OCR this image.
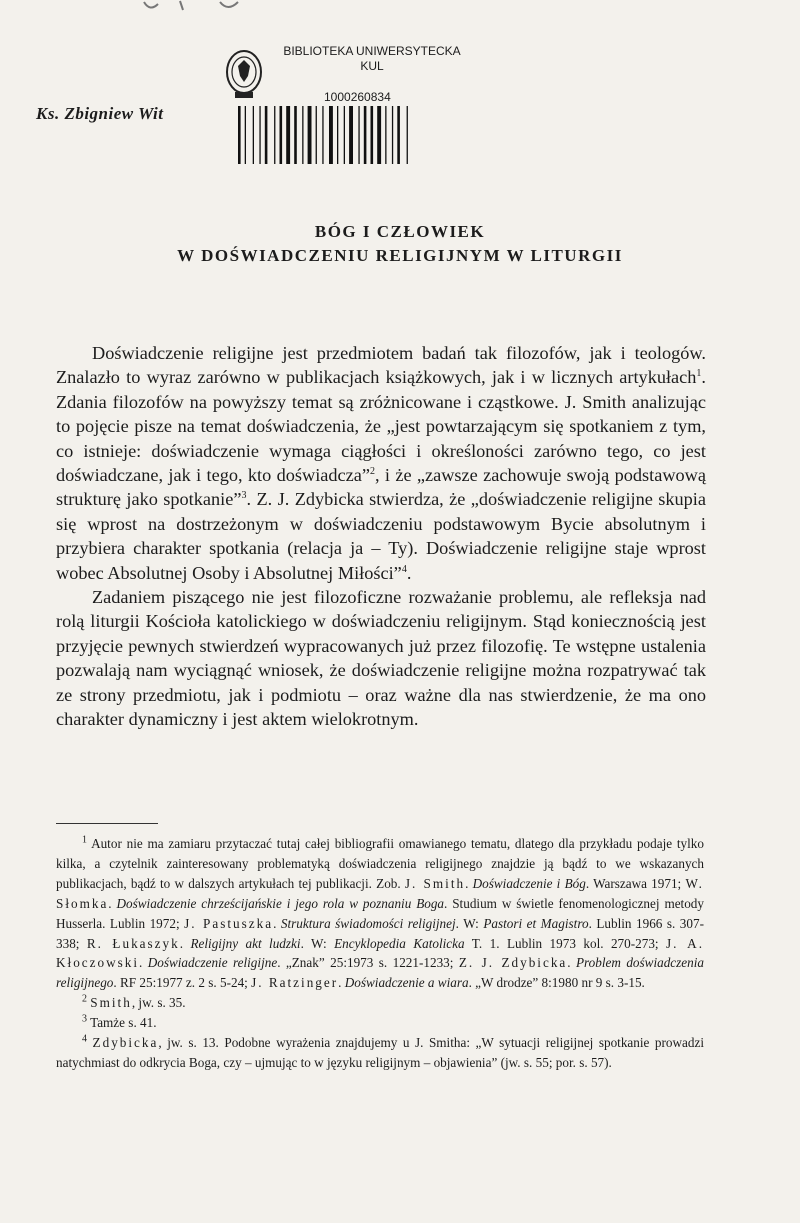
Ks. Zbigniew Wit
BIBLIOTEKA UNIWERSYTECKA
KUL
1000260834
BÓG I CZŁOWIEK
W DOŚWIADCZENIU RELIGIJNYM W LITURGII

Doświadczenie religijne jest przedmiotem badań tak filozofów, jak i teologów. Znalazło to wyraz zarówno w publikacjach książkowych, jak i w licznych artykułach$^1$. Zdania filozofów na powyższy temat są zróżnicowane i cząstkowe. J. Smith analizując to pojęcie pisze na temat doświadczenia, że „jest powtarzającym się spotkaniem z tym, co istnieje: doświadczenie wymaga ciągłości i określoności zarówno tego, co jest doświadczane, jak i tego, kto doświadcza”$^2$, i że „zawsze zachowuje swoją podstawową strukturę jako spotkanie”$^3$. Z. J. Zdybicka stwierdza, że „doświadczenie religijne skupia się wprost na dostrzeżonym w doświadczeniu podstawowym Bycie absolutnym i przybiera charakter spotkania (relacja ja – Ty). Doświadczenie religijne staje wprost wobec Absolutnej Osoby i Absolutnej Miłości”$^4$.

Zadaniem piszącego nie jest filozoficzne rozważanie problemu, ale refleksja nad rolą liturgii Kościoła katolickiego w doświadczeniu religijnym. Stąd koniecznością jest przyjęcie pewnych stwierdzeń wypracowanych już przez filozofię. Te wstępne ustalenia pozwalają nam wyciągnąć wniosek, że doświadczenie religijne można rozpatrywać tak ze strony przedmiotu, jak i podmiotu – oraz ważne dla nas stwierdzenie, że ma ono charakter dynamiczny i jest aktem wielokrotnym.

$^1$ Autor nie ma zamiaru przytaczać tutaj całej bibliografii omawianego tematu, dlatego dla przykładu podaje tylko kilka, a czytelnik zainteresowany problematyką doświadczenia religijnego znajdzie ją bądź to we wskazanych publikacjach, bądź to w dalszych artykułach tej publikacji. Zob. J. Smith. Doświadczenie i Bóg. Warszawa 1971; W. Słomka. Doświadczenie chrześcijańskie i jego rola w poznaniu Boga. Studium w świetle fenomenologicznej metody Husserla. Lublin 1972; J. Pastuszka. Struktura świadomości religijnej. W: Pastori et Magistro. Lublin 1966 s. 307-338; R. Łukaszyk. Religijny akt ludzki. W: Encyklopedia Katolicka T. 1. Lublin 1973 kol. 270-273; J. A. Kłoczowski. Doświadczenie religijne. „Znak” 25:1973 s. 1221-1233; Z. J. Zdybicka. Problem doświadczenia religijnego. RF 25:1977 z. 2 s. 5-24; J. Ratzinger. Doświadczenie a wiara. „W drodze” 8:1980 nr 9 s. 3-15.

$^2$ Smith, jw. s. 35.

$^3$ Tamże s. 41.

$^4$ Zdybicka, jw. s. 13. Podobne wyrażenia znajdujemy u J. Smitha: „W sytuacji religijnej spotkanie prowadzi natychmiast do odkrycia Boga, czy – ujmując to w języku religijnym – objawienia” (jw. s. 55; por. s. 57).
